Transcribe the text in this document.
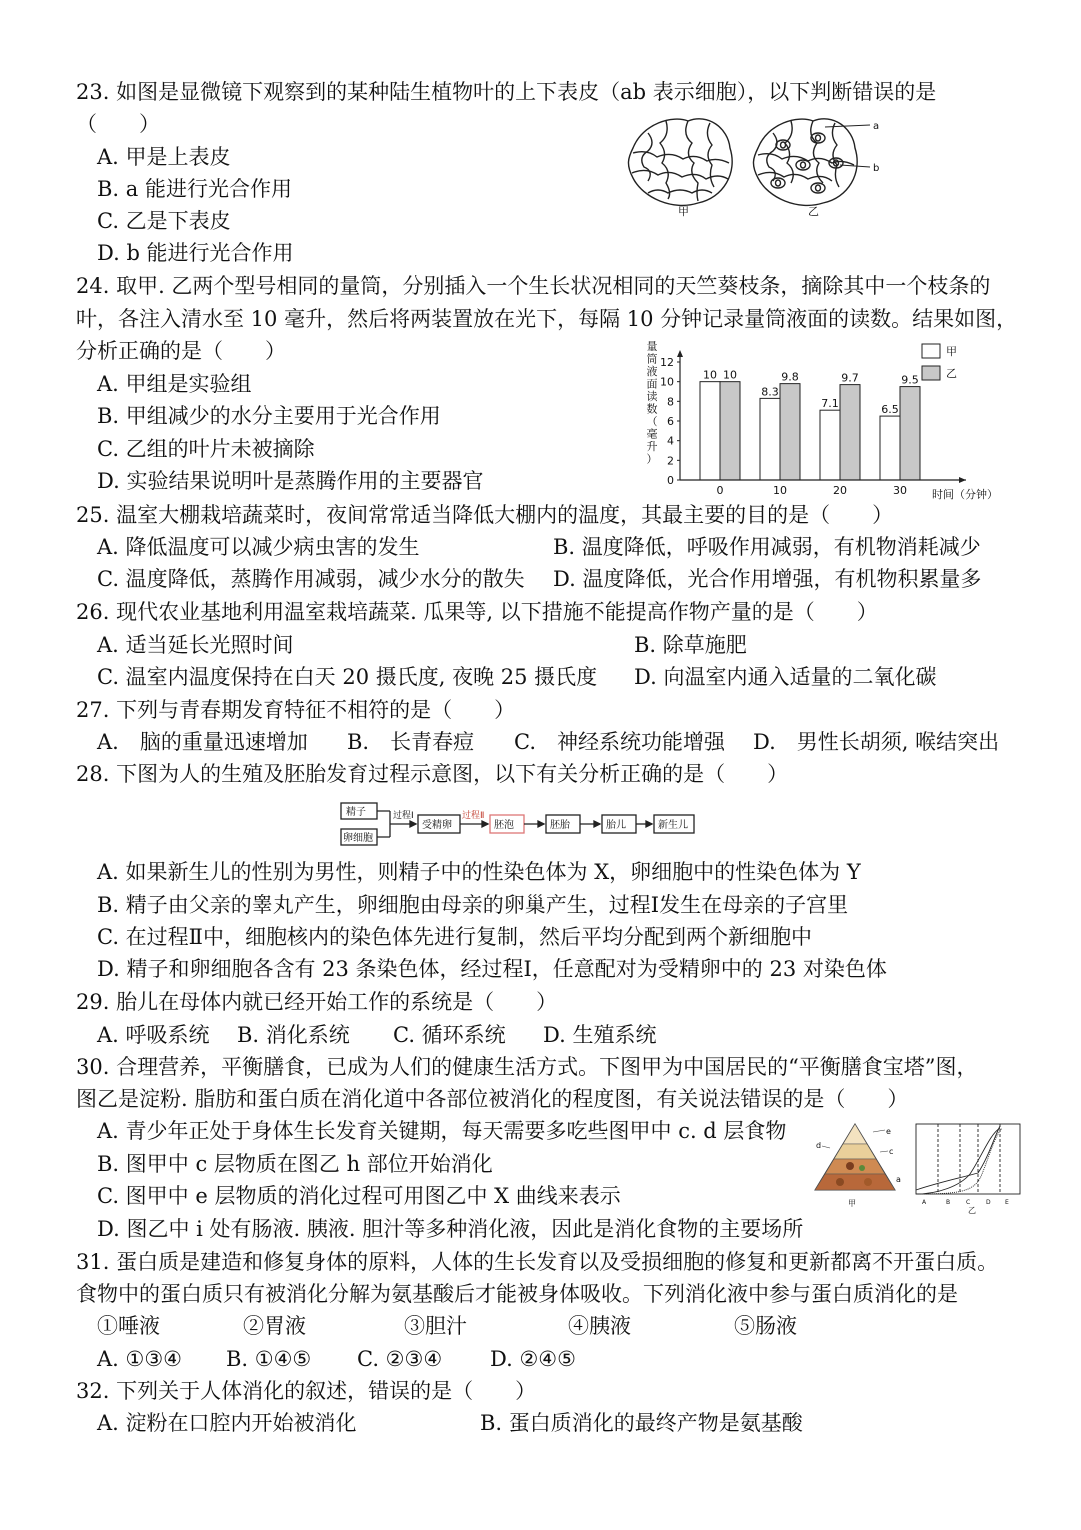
23. 如图是显微镜下观察到的某种陆生植物叶的上下表皮（ab 表示细胞），以下判断错误的是
（　　）
A. 甲是上表皮
B. a 能进行光合作用
C. 乙是下表皮
D. b 能进行光合作用
甲
a
b
乙
24. 取甲. 乙两个型号相同的量筒，分别插入一个生长状况相同的天竺葵枝条，摘除其中一个枝条的
叶，各注入清水至 10 毫升，然后将两装置放在光下，每隔 10 分钟记录量筒液面的读数。结果如图，
分析正确的是（　　）
A. 甲组是实验组
B. 甲组减少的水分主要用于光合作用
C. 乙组的叶片未被摘除
D. 实验结果说明叶是蒸腾作用的主要器官
量
筒
液
面
读
数
（
毫
升
）
0
2
4
6
8
10
12
0	10	20	30
10 10
8.3
9.8
7.1
9.7
6.5
9.5
甲
乙
时间（分钟）
25. 温室大棚栽培蔬菜时，夜间常常适当降低大棚内的温度，其最主要的目的是（　　）
A. 降低温度可以减少病虫害的发生	B. 温度降低，呼吸作用减弱，有机物消耗减少
C. 温度降低，蒸腾作用减弱，减少水分的散失 D. 温度降低，光合作用增强，有机物积累量多
26. 现代农业基地利用温室栽培蔬菜. 瓜果等, 以下措施不能提高作物产量的是（　　）
A. 适当延长光照时间	B. 除草施肥
C. 温室内温度保持在白天 20 摄氏度, 夜晚 25 摄氏度 D. 向温室内通入适量的二氧化碳
27. 下列与青春期发育特征不相符的是（　　）
A.　脑的重量迅速增加 B.　长青春痘 C.　神经系统功能增强 D.　男性长胡须, 喉结突出
28. 下图为人的生殖及胚胎发育过程示意图，以下有关分析正确的是（　　）
精子
卵细胞
过程Ⅰ
受精卵
过程Ⅱ
胚泡	胚胎	胎儿	新生儿
A. 如果新生儿的性别为男性，则精子中的性染色体为 X，卵细胞中的性染色体为 Y
B. 精子由父亲的睾丸产生，卵细胞由母亲的卵巢产生，过程Ⅰ发生在母亲的子宫里
C. 在过程Ⅱ中，细胞核内的染色体先进行复制，然后平均分配到两个新细胞中
D. 精子和卵细胞各含有 23 条染色体，经过程Ⅰ，任意配对为受精卵中的 23 对染色体
29. 胎儿在母体内就已经开始工作的系统是（　　）
A. 呼吸系统 B. 消化系统 C. 循环系统 D. 生殖系统
30. 合理营养，平衡膳食，已成为人们的健康生活方式。下图甲为中国居民的“平衡膳食宝塔”图，
图乙是淀粉. 脂肪和蛋白质在消化道中各部位被消化的程度图，有关说法错误的是（　　）
A. 青少年正处于身体生长发育关键期，每天需要多吃些图甲中 c. d 层食物
B. 图甲中 c 层物质在图乙 h 部位开始消化
C. 图甲中 e 层物质的消化过程可用图乙中 X 曲线来表示
D. 图乙中 i 处有肠液. 胰液. 胆汁等多种消化液，因此是消化食物的主要场所
e
c
d
a
甲	A	B	C	D E
乙
31. 蛋白质是建造和修复身体的原料，人体的生长发育以及受损细胞的修复和更新都离不开蛋白质。
食物中的蛋白质只有被消化分解为氨基酸后才能被身体吸收。下列消化液中参与蛋白质消化的是
①唾液	②胃液	③胆汁	④胰液	⑤肠液
A. ①③④ B. ①④⑤ C. ②③④ D. ②④⑤
32. 下列关于人体消化的叙述，错误的是（　　）
A. 淀粉在口腔内开始被消化	B. 蛋白质消化的最终产物是氨基酸
